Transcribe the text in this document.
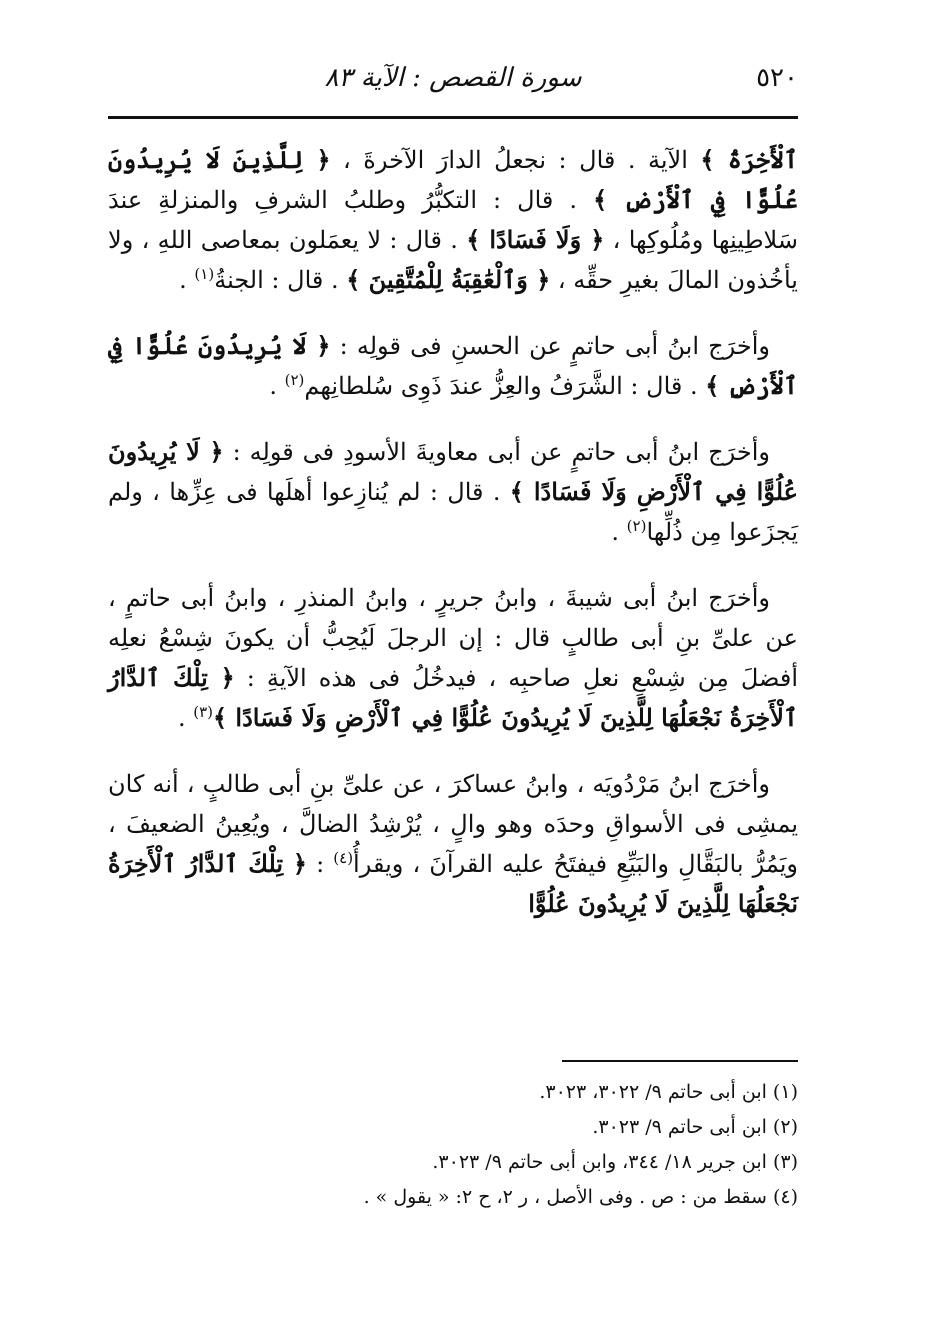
٥٢٠
سورة القصص : الآية ٨٣

ٱلْأَخِرَةُ ﴾ الآية . قال : نجعلُ الدارَ الآخرةَ ، ﴿ لِلَّذِينَ لَا يُرِيدُونَ عُلُوًّا فِي ٱلْأَرْضِ ﴾ . قال : التكبُّرُ وطلبُ الشرفِ والمنزلةِ عندَ سَلاطِينِها ومُلُوكِها ، ﴿ وَلَا فَسَادًا ﴾ . قال : لا يعمَلون بمعاصى اللهِ ، ولا يأخُذون المالَ بغيرِ حقِّه ، ﴿ وَٱلْعَٰقِبَةُ لِلْمُتَّقِينَ ﴾ . قال : الجنةُ$^{(١)}$ .

وأخرَج ابنُ أبى حاتمٍ عن الحسنِ فى قولِه : ﴿ لَا يُرِيدُونَ عُلُوًّا فِي ٱلْأَرْضِ ﴾ . قال : الشَّرَفُ والعِزُّ عندَ ذَوِى سُلطانِهم$^{(٢)}$ .

وأخرَج ابنُ أبى حاتمٍ عن أبى معاويةَ الأسودِ فى قولِه : ﴿ لَا يُرِيدُونَ عُلُوًّا فِي ٱلْأَرْضِ وَلَا فَسَادًا ﴾ . قال : لم يُنازِعوا أهلَها فى عِزِّها ، ولم يَجزَعوا مِن ذُلِّها$^{(٢)}$ .

وأخرَج ابنُ أبى شيبةَ ، وابنُ جريرٍ ، وابنُ المنذرِ ، وابنُ أبى حاتمٍ ، عن علىِّ بنِ أبى طالبٍ قال : إن الرجلَ لَيُحِبُّ أن يكونَ شِسْعُ نعلِه أفضلَ مِن شِسْعِ نعلِ صاحبِه ، فيدخُلُ فى هذه الآيةِ : ﴿ تِلْكَ ٱلدَّارُ ٱلْأَخِرَةُ نَجْعَلُهَا لِلَّذِينَ لَا يُرِيدُونَ عُلُوًّا فِي ٱلْأَرْضِ وَلَا فَسَادًا ﴾$^{(٣)}$ .

وأخرَج ابنُ مَرْدُويَه ، وابنُ عساكرَ ، عن علىِّ بنِ أبى طالبٍ ، أنه كان يمشِى فى الأسواقِ وحدَه وهو والٍ ، يُرْشِدُ الضالَّ ، ويُعِينُ الضعيفَ ، ويَمُرُّ بالبَقَّالِ والبَيِّعِ فيفتَحُ عليه القرآنَ ، ويقرأُ$^{(٤)}$ : ﴿ تِلْكَ ٱلدَّارُ ٱلْأَخِرَةُ نَجْعَلُهَا لِلَّذِينَ لَا يُرِيدُونَ عُلُوًّا

(١) ابن أبى حاتم ٩/ ٣٠٢٢، ٣٠٢٣.
(٢) ابن أبى حاتم ٩/ ٣٠٢٣.
(٣) ابن جرير ١٨/ ٣٤٤، وابن أبى حاتم ٩/ ٣٠٢٣.
(٤) سقط من : ص . وفى الأصل ، ر ٢، ح ٢: « يقول » .
